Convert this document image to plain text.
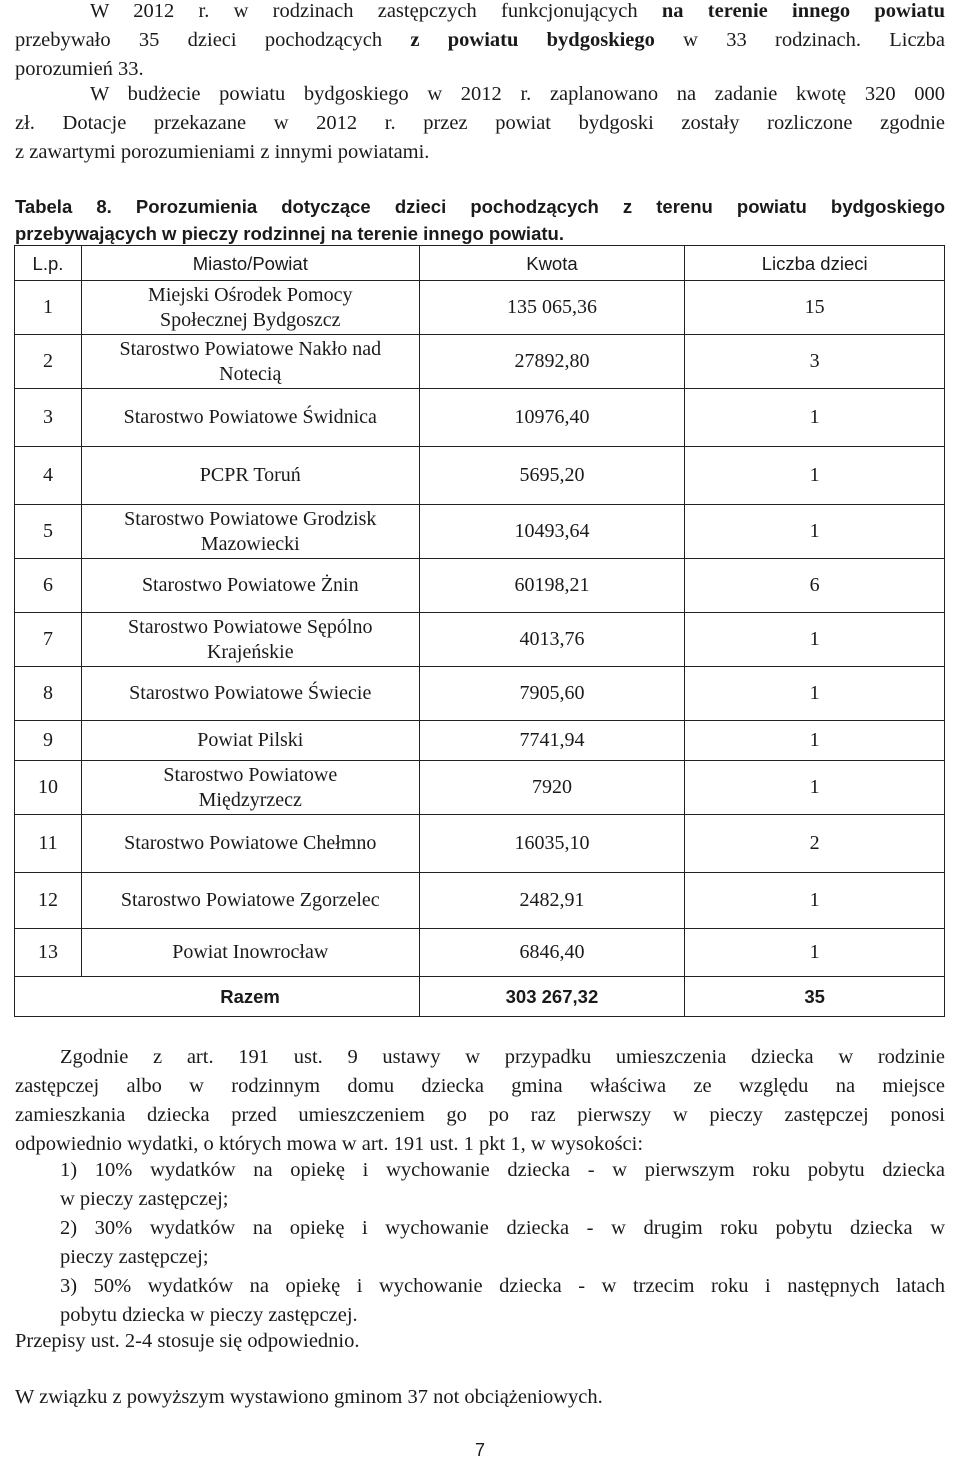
W 2012 r. w rodzinach zastępczych funkcjonujących na terenie innego powiatu
przebywało 35 dzieci pochodzących z powiatu bydgoskiego w 33 rodzinach. Liczba
porozumień 33.
W budżecie powiatu bydgoskiego w 2012 r. zaplanowano na zadanie kwotę 320 000
zł. Dotacje przekazane w 2012 r. przez powiat bydgoski zostały rozliczone zgodnie
z zawartymi porozumieniami z innymi powiatami.
Tabela 8. Porozumienia dotyczące dzieci pochodzących z terenu powiatu bydgoskiego
przebywających w pieczy rodzinnej na terenie innego powiatu.
L.p.	Miasto/Powiat	Kwota	Liczba dzieci
1	Miejski Ośrodek Pomocy
Społecznej Bydgoszcz	135 065,36	15
2	Starostwo Powiatowe Nakło nad
Notecią	27892,80	3
3	Starostwo Powiatowe Świdnica	10976,40	1
4	PCPR Toruń	5695,20	1
5	Starostwo Powiatowe Grodzisk
Mazowiecki	10493,64	1
6	Starostwo Powiatowe Żnin	60198,21	6
7	Starostwo Powiatowe Sępólno
Krajeńskie	4013,76	1
8	Starostwo Powiatowe Świecie	7905,60	1
9	Powiat Pilski	7741,94	1
10	Starostwo Powiatowe
Międzyrzecz	7920	1
11	Starostwo Powiatowe Chełmno	16035,10	2
12	Starostwo Powiatowe Zgorzelec	2482,91	1
13	Powiat Inowrocław	6846,40	1
	Razem	303 267,32	35
Zgodnie z art. 191 ust. 9 ustawy w przypadku umieszczenia dziecka w rodzinie
zastępczej albo w rodzinnym domu dziecka gmina właściwa ze względu na miejsce
zamieszkania dziecka przed umieszczeniem go po raz pierwszy w pieczy zastępczej ponosi
odpowiednio wydatki, o których mowa w art. 191 ust. 1 pkt 1, w wysokości:
1) 10% wydatków na opiekę i wychowanie dziecka - w pierwszym roku pobytu dziecka
w pieczy zastępczej;
2) 30% wydatków na opiekę i wychowanie dziecka - w drugim roku pobytu dziecka w
pieczy zastępczej;
3) 50% wydatków na opiekę i wychowanie dziecka - w trzecim roku i następnych latach
pobytu dziecka w pieczy zastępczej.
Przepisy ust. 2-4 stosuje się odpowiednio.
W związku z powyższym wystawiono gminom 37 not obciążeniowych.
7
